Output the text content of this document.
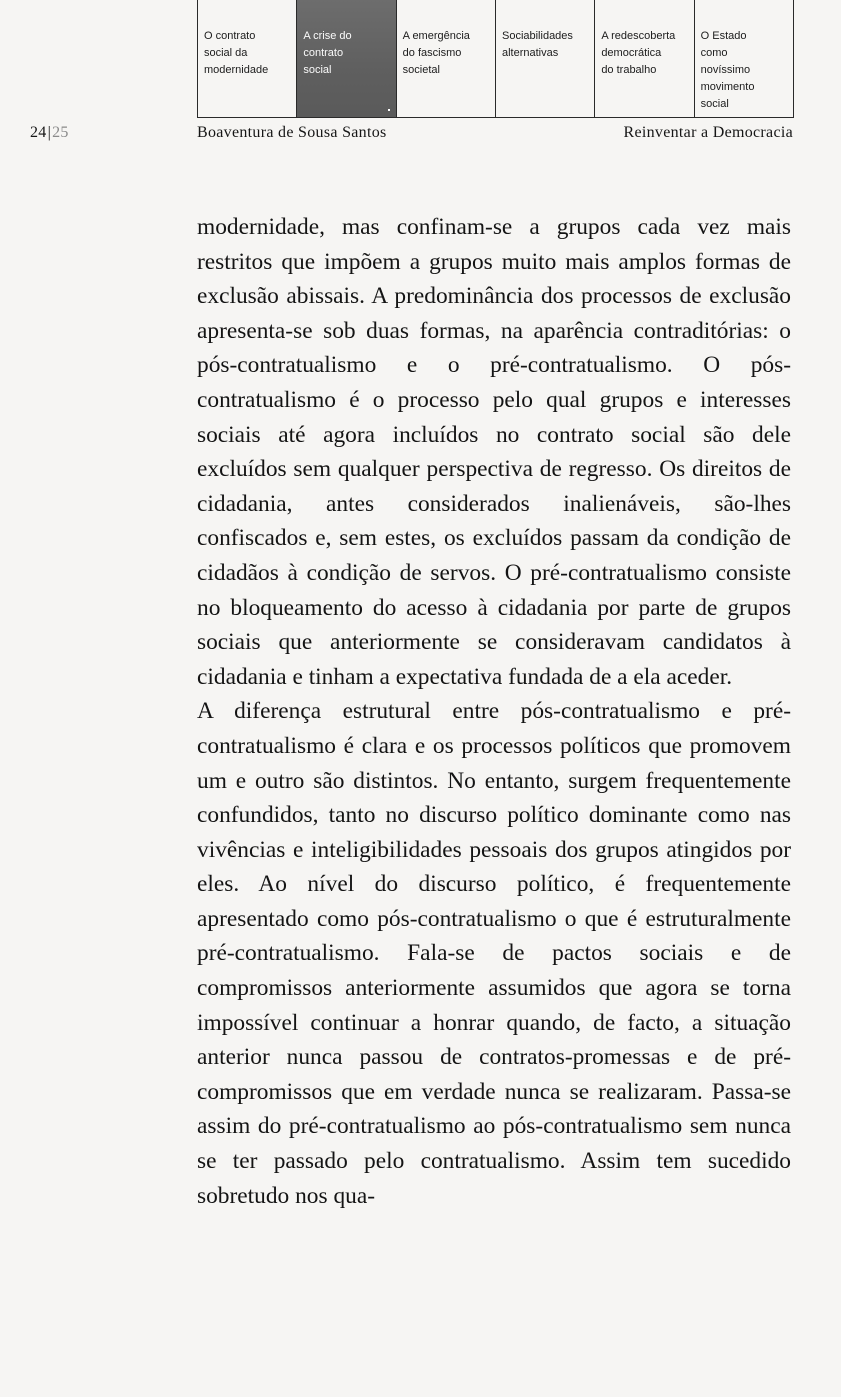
O contrato
social da
modernidade
A crise do
contrato
social
A emergência
do fascismo
societal
Sociabilidades
alternativas
A redescoberta
democrática
do trabalho
O Estado
como
novíssimo
movimento
social
24|25	Boaventura de Sousa Santos	Reinventar a Democracia

modernidade, mas confinam-se a grupos cada vez mais restritos que impõem a grupos muito mais amplos formas de exclusão abissais. A predominância dos processos de exclusão apresenta-se sob duas formas, na aparência contraditórias: o pós-contratualismo e o pré-contratualismo. O pós-contratualismo é o processo pelo qual grupos e interesses sociais até agora incluídos no contrato social são dele excluídos sem qualquer perspectiva de regresso. Os direitos de cidadania, antes considerados inalienáveis, são-lhes confiscados e, sem estes, os excluídos passam da condição de cidadãos à condição de servos. O pré-contratualismo consiste no bloqueamento do acesso à cidadania por parte de grupos sociais que anteriormente se consideravam candidatos à cidadania e tinham a expectativa fundada de a ela aceder.

A diferença estrutural entre pós-contratualismo e pré-contratualismo é clara e os processos políticos que promovem um e outro são distintos. No entanto, surgem frequentemente confundidos, tanto no discurso político dominante como nas vivências e inteligibilidades pessoais dos grupos atingidos por eles. Ao nível do discurso político, é frequentemente apresentado como pós-contratualismo o que é estruturalmente pré-contratualismo. Fala-se de pactos sociais e de compromissos anteriormente assumidos que agora se torna impossível continuar a honrar quando, de facto, a situação anterior nunca passou de contratos-promessas e de pré-compromissos que em verdade nunca se realizaram. Passa-se assim do pré-contratualismo ao pós-contratualismo sem nunca se ter passado pelo contratualismo. Assim tem sucedido sobretudo nos qua-
